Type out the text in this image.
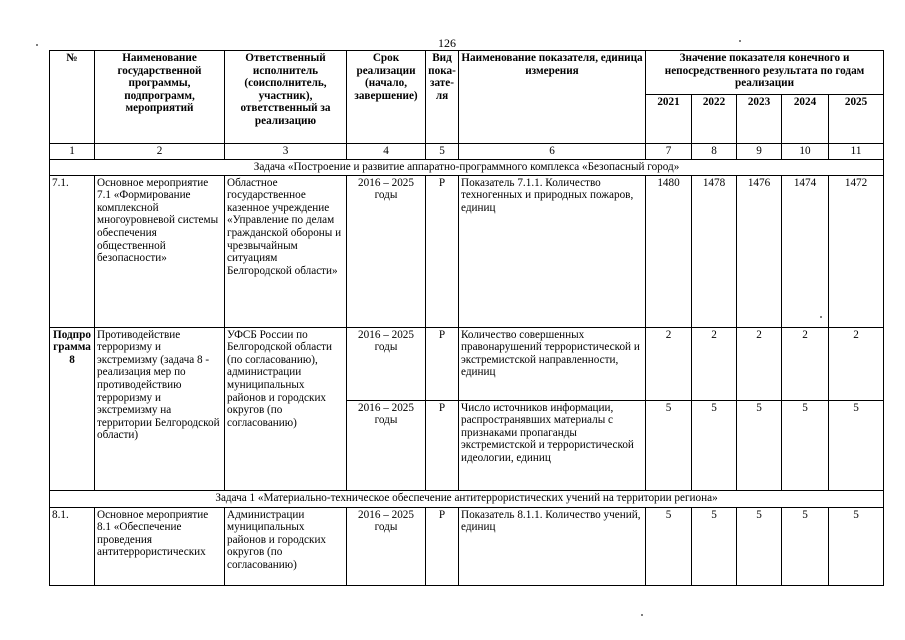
126
№	Наименование государственной программы, подпрограмм, мероприятий	Ответственный исполнитель (соисполнитель, участник), ответственный за реализацию	Срок реализации (начало, завершение)	Вид пока-зате-ля	Наименование показателя, единица измерения	Значение показателя конечного и непосредственного результата по годам реализации				
						2021	2022	2023	2024	2025
1	2	3	4	5	6	7	8	9	10	11
Задача «Построение и развитие аппаратно-программного комплекса «Безопасный город»										
7.1.	Основное мероприятие 7.1 «Формирование комплексной многоуровневой системы обеспечения общественной безопасности»	Областное государственное казенное учреждение «Управление по делам гражданской обороны и чрезвычайным ситуациям Белгородской области»	2016 – 2025 годы	Р	Показатель 7.1.1. Количество техногенных и природных пожаров, единиц	1480	1478	1476	1474	1472
Подпро грамма 8	Противодействие терроризму и экстремизму (задача 8 - реализация мер по противодействию терроризму и экстремизму на территории Белгородской области)	УФСБ России по Белгородской области (по согласованию), администрации муниципальных районов и городских округов (по согласованию)	2016 – 2025 годы	Р	Количество совершенных правонарушений террористической и экстремистской направленности, единиц	2	2	2	2	2
			2016 – 2025 годы	Р	Число источников информации, распространявших материалы с признаками пропаганды экстремистской и террористической идеологии, единиц	5	5	5	5	5
Задача 1 «Материально-техническое обеспечение антитеррористических учений на территории региона»										
8.1.	Основное мероприятие 8.1 «Обеспечение проведения антитеррористических	Администрации муниципальных районов и городских округов (по согласованию)	2016 – 2025 годы	Р	Показатель 8.1.1. Количество учений, единиц	5	5	5	5	5
